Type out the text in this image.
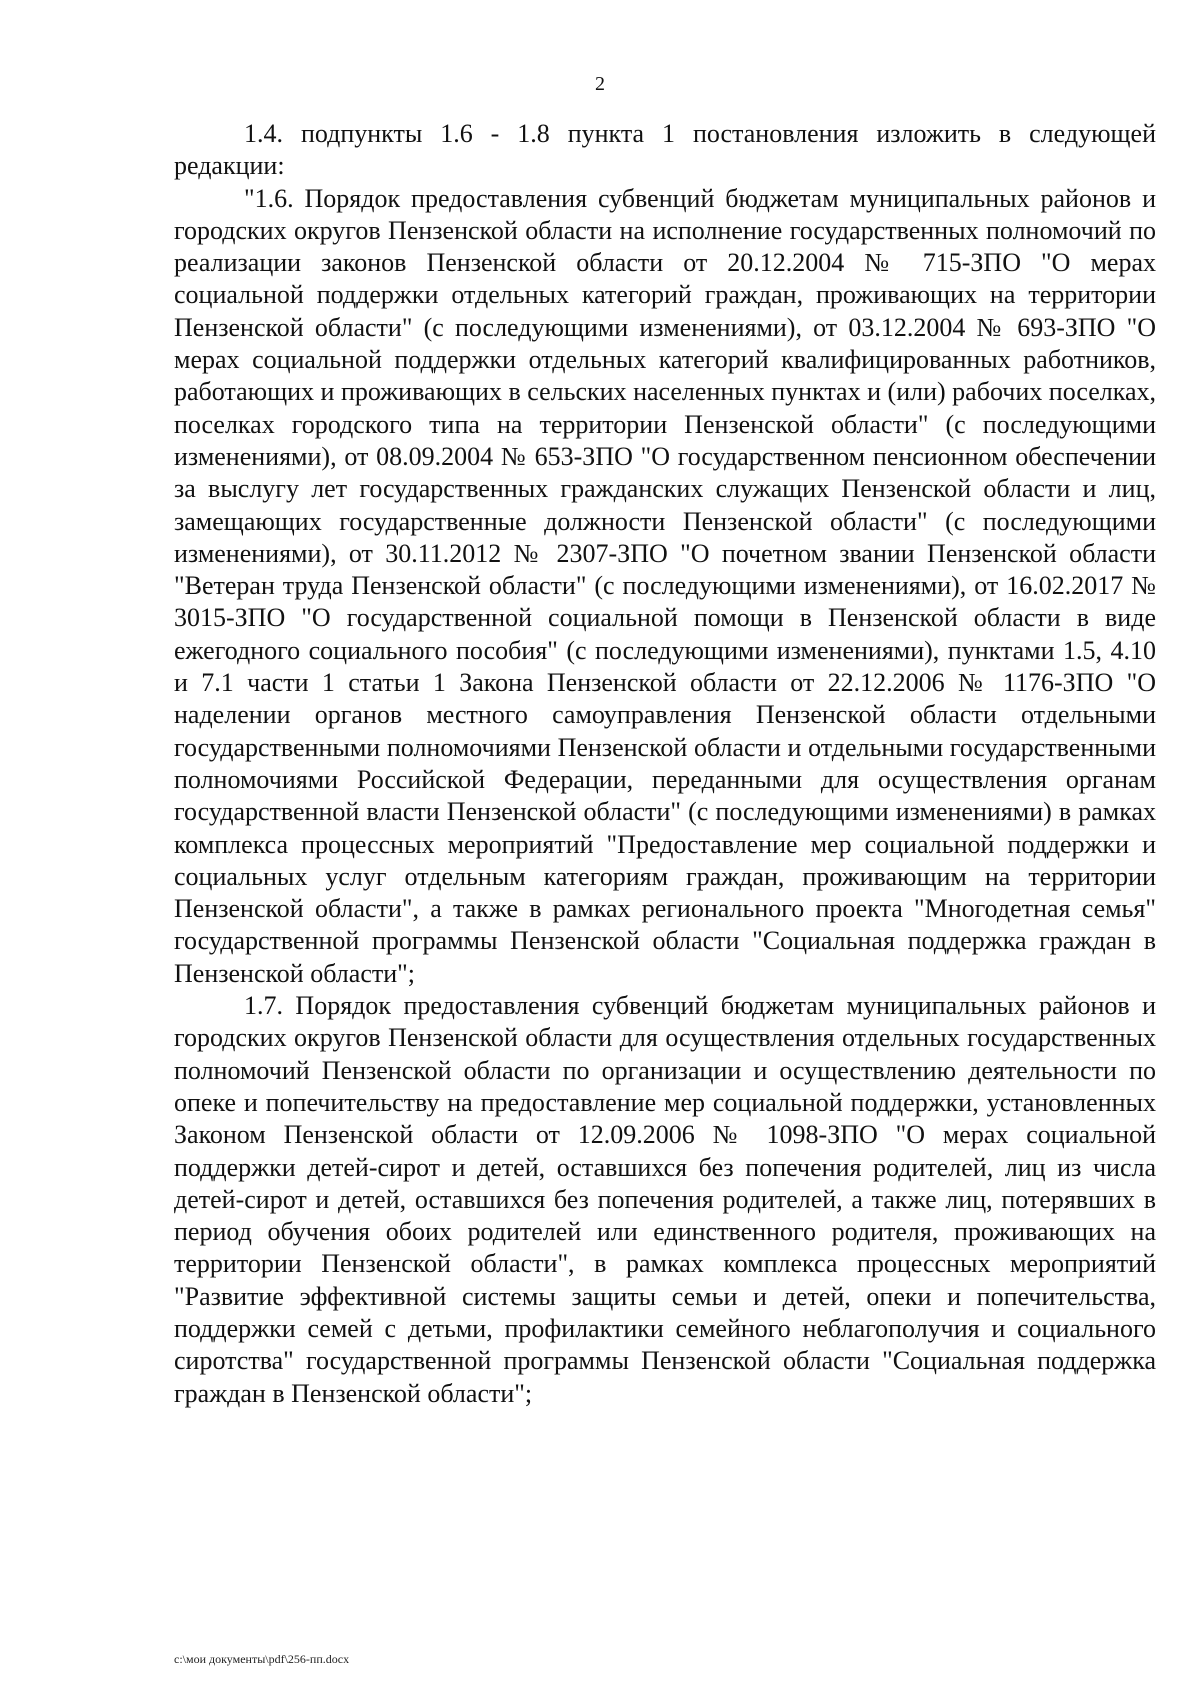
2

1.4. подпункты 1.6 - 1.8 пункта 1 постановления изложить в следующей редакции:

"1.6. Порядок предоставления субвенций бюджетам муниципальных районов и городских округов Пензенской области на исполнение государственных полномочий по реализации законов Пензенской области от 20.12.2004 № 715-ЗПО "О мерах социальной поддержки отдельных категорий граждан, проживающих на территории Пензенской области" (с последующими изменениями), от 03.12.2004 № 693-ЗПО "О мерах социальной поддержки отдельных категорий квалифицированных работников, работающих и проживающих в сельских населенных пунктах и (или) рабочих поселках, поселках городского типа на территории Пензенской области" (с последующими изменениями), от 08.09.2004 № 653-ЗПО "О государственном пенсионном обеспечении за выслугу лет государственных гражданских служащих Пензенской области и лиц, замещающих государственные должности Пензенской области" (с последующими изменениями), от 30.11.2012 № 2307-ЗПО "О почетном звании Пензенской области "Ветеран труда Пензенской области" (с последующими изменениями), от 16.02.2017 № 3015-ЗПО "О государственной социальной помощи в Пензенской области в виде ежегодного социального пособия" (с последующими изменениями), пунктами 1.5, 4.10 и 7.1 части 1 статьи 1 Закона Пензенской области от 22.12.2006 № 1176-ЗПО "О наделении органов местного самоуправления Пензенской области отдельными государственными полномочиями Пензенской области и отдельными государственными полномочиями Российской Федерации, переданными для осуществления органам государственной власти Пензенской области" (с последующими изменениями) в рамках комплекса процессных мероприятий "Предоставление мер социальной поддержки и социальных услуг отдельным категориям граждан, проживающим на территории Пензенской области", а также в рамках регионального проекта "Многодетная семья" государственной программы Пензенской области "Социальная поддержка граждан в Пензенской области";

1.7. Порядок предоставления субвенций бюджетам муниципальных районов и городских округов Пензенской области для осуществления отдельных государственных полномочий Пензенской области по организации и осуществлению деятельности по опеке и попечительству на предоставление мер социальной поддержки, установленных Законом Пензенской области от 12.09.2006 № 1098-ЗПО "О мерах социальной поддержки детей-сирот и детей, оставшихся без попечения родителей, лиц из числа детей-сирот и детей, оставшихся без попечения родителей, а также лиц, потерявших в период обучения обоих родителей или единственного родителя, проживающих на территории Пензенской области", в рамках комплекса процессных мероприятий "Развитие эффективной системы защиты семьи и детей, опеки и попечительства, поддержки семей с детьми, профилактики семейного неблагополучия и социального сиротства" государственной программы Пензенской области "Социальная поддержка граждан в Пензенской области";

c:\мои документы\pdf\256-пп.docx
